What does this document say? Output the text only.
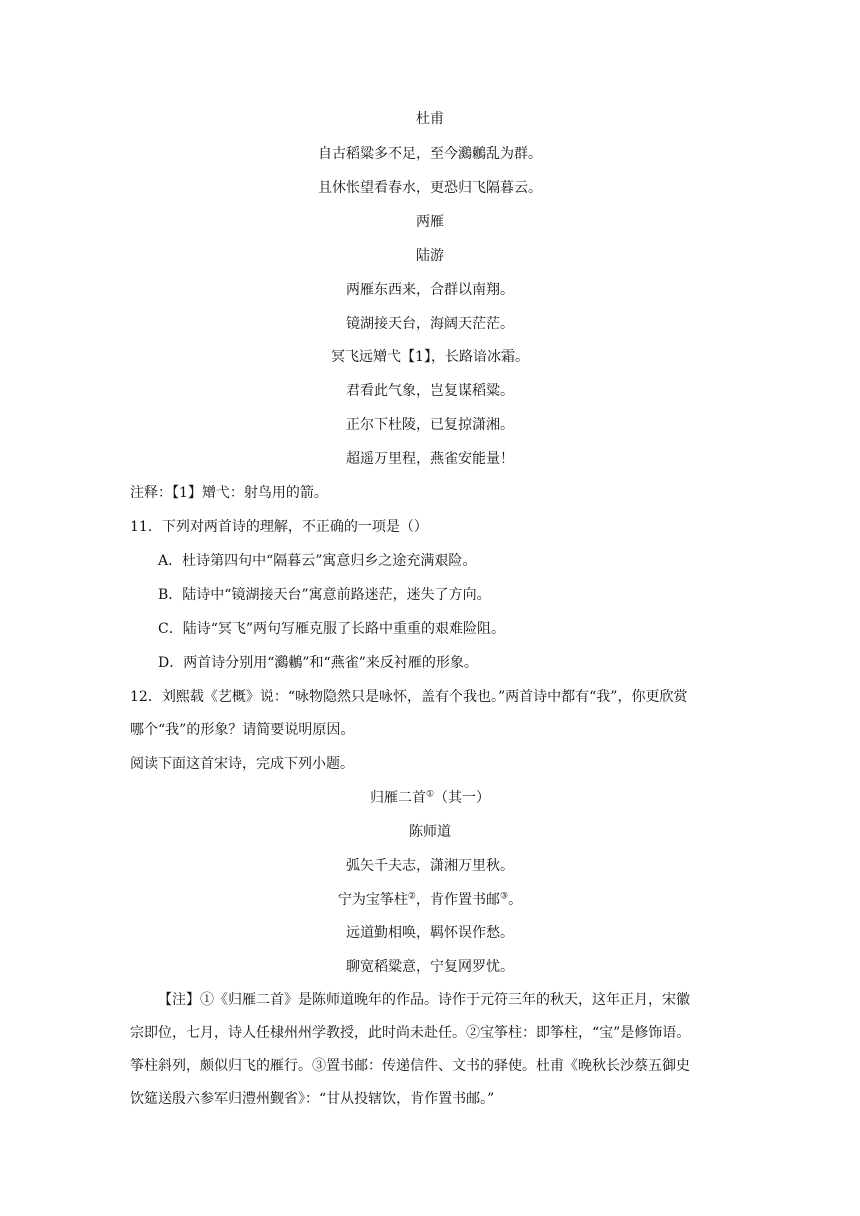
杜甫
自古稻粱多不足，至今鸂鶒乱为群。
且休怅望看春水，更恐归飞隔暮云。
两雁
陆游
两雁东西来，合群以南翔。
镜湖接天台，海阔天茫茫。
冥飞远矰弋【1】，长路谙冰霜。
君看此气象，岂复谋稻粱。
正尔下杜陵，已复掠潇湘。
超遥万里程，燕雀安能量！
注释：【1】矰弋：射鸟用的箭。
11．下列对两首诗的理解，不正确的一项是（）
A．杜诗第四句中“隔暮云”寓意归乡之途充满艰险。
B．陆诗中“镜湖接天台”寓意前路迷茫，迷失了方向。
C．陆诗“冥飞”两句写雁克服了长路中重重的艰难险阻。
D．两首诗分别用“鸂鶒”和“燕雀”来反衬雁的形象。
12．刘熙载《艺概》说：“咏物隐然只是咏怀，盖有个我也。”两首诗中都有“我”，你更欣赏
哪个“我”的形象？请简要说明原因。
阅读下面这首宋诗，完成下列小题。
归雁二首①（其一）
陈师道
弧矢千夫志，潇湘万里秋。
宁为宝筝柱②，肯作置书邮③。
远道勤相唤，羁怀误作愁。
聊宽稻粱意，宁复网罗忧。
【注】①《归雁二首》是陈师道晚年的作品。诗作于元符三年的秋天，这年正月，宋徽
宗即位，七月，诗人任棣州州学教授，此时尚未赴任。②宝筝柱：即筝柱，“宝”是修饰语。
筝柱斜列，颇似归飞的雁行。③置书邮：传递信件、文书的驿使。杜甫《晚秋长沙蔡五御史
饮筵送殷六参军归澧州觐省》：“甘从投辖饮，肯作置书邮。”
